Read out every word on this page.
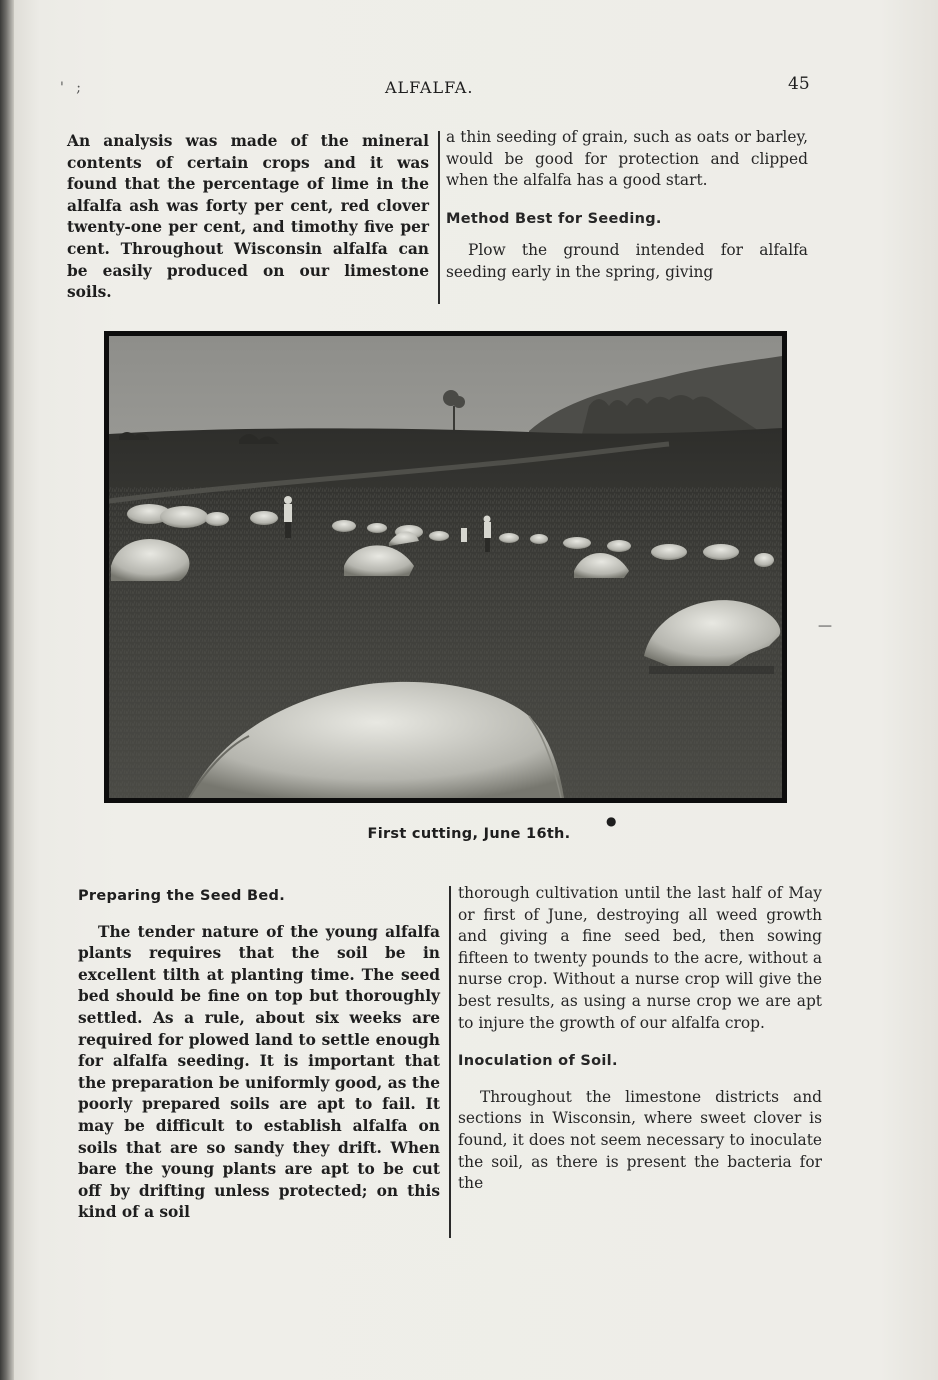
' ;	ALFALFA.	45

An analysis was made of the mineral contents of certain crops and it was found that the percentage of lime in the alfalfa ash was forty per cent, red clover twenty-one per cent, and timothy five per cent. Throughout Wisconsin alfalfa can be easily produced on our limestone soils.

a thin seeding of grain, such as oats or barley, would be good for protection and clipped when the alfalfa has a good start.

Method Best for Seeding.

Plow the ground intended for alfalfa seeding early in the spring, giving

●
—
First cutting, June 16th.

Preparing the Seed Bed.

The tender nature of the young alfalfa plants requires that the soil be in excellent tilth at planting time. The seed bed should be fine on top but thoroughly settled. As a rule, about six weeks are required for plowed land to settle enough for alfalfa seeding. It is important that the preparation be uniformly good, as the poorly prepared soils are apt to fail. It may be difficult to establish alfalfa on soils that are so sandy they drift. When bare the young plants are apt to be cut off by drifting unless protected; on this kind of a soil

thorough cultivation until the last half of May or first of June, destroying all weed growth and giving a fine seed bed, then sowing fifteen to twenty pounds to the acre, without a nurse crop. Without a nurse crop will give the best results, as using a nurse crop we are apt to injure the growth of our alfalfa crop.

Inoculation of Soil.

Throughout the limestone districts and sections in Wisconsin, where sweet clover is found, it does not seem necessary to inoculate the soil, as there is present the bacteria for the
